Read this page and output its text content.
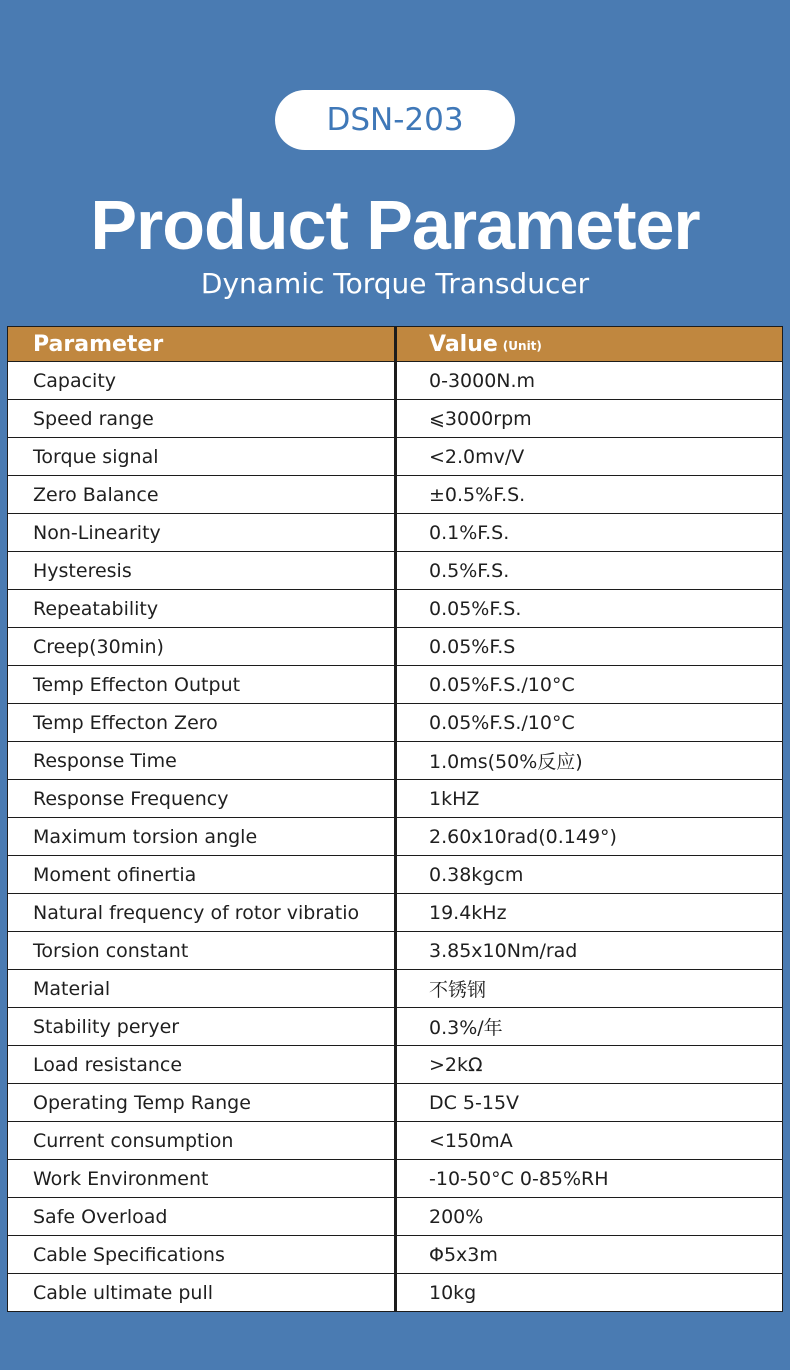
DSN-203
Product Parameter
Dynamic Torque Transducer
Parameter	Value (Unit)
Capacity	0-3000N.m
Speed range	⩽3000rpm
Torque signal	<2.0mv/V
Zero Balance	±0.5%F.S.
Non-Linearity	0.1%F.S.
Hysteresis	0.5%F.S.
Repeatability	0.05%F.S.
Creep(30min)	0.05%F.S
Temp Effecton Output	0.05%F.S./10°C
Temp Effecton Zero	0.05%F.S./10°C
Response Time	1.0ms(50%反应)
Response Frequency	1kHZ
Maximum torsion angle	2.60x10rad(0.149°)
Moment ofinertia	0.38kgcm
Natural frequency of rotor vibratio	19.4kHz
Torsion constant	3.85x10Nm/rad
Material	不锈钢
Stability peryer	0.3%/年
Load resistance	>2kΩ
Operating Temp Range	DC 5-15V
Current consumption	<150mA
Work Environment	-10-50°C 0-85%RH
Safe Overload	200%
Cable Specifications	Φ5x3m
Cable ultimate pull	10kg
